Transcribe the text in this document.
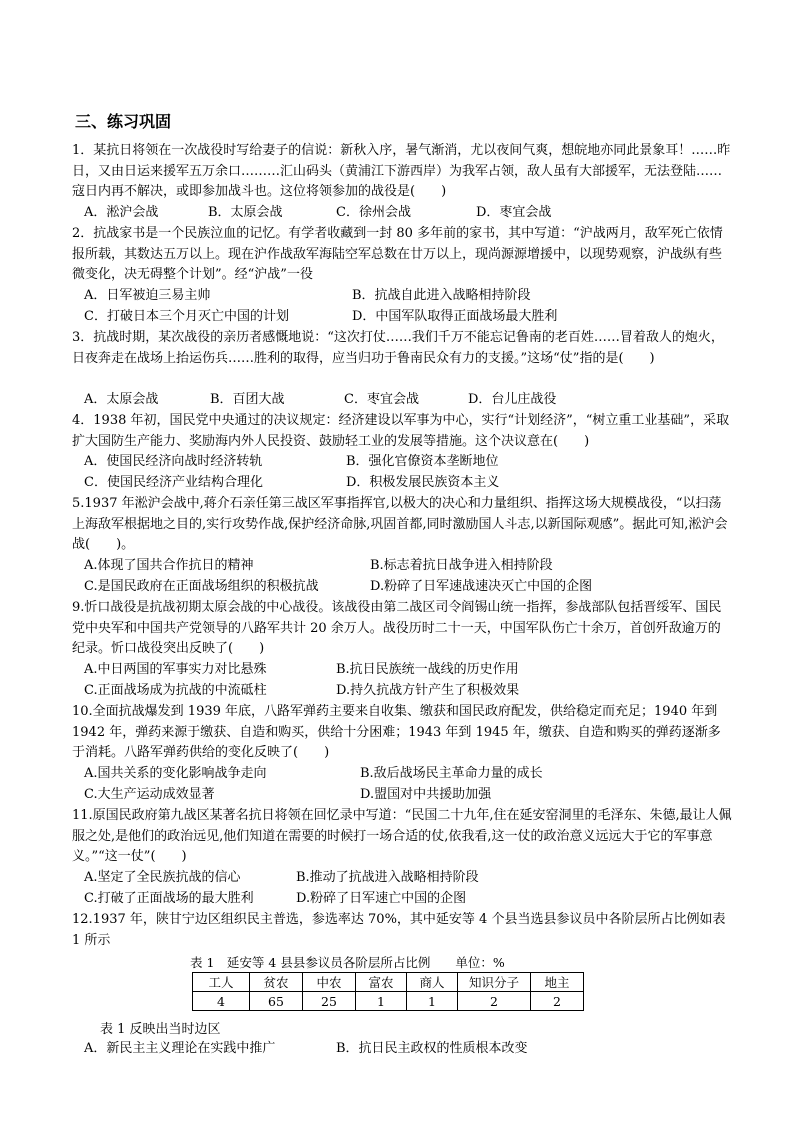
三、练习巩固

1．某抗日将领在一次战役时写给妻子的信说：新秋入序，暑气渐消，尤以夜间气爽，想皖地亦同此景象耳！……昨日，又由日运来援军五万余口………汇山码头（黄浦江下游西岸）为我军占领，敌人虽有大部援军，无法登陆……寇日内再不解决，或即参加战斗也。这位将领参加的战役是(　　)

A．淞沪会战	B．太原会战	C．徐州会战	D．枣宜会战

2．抗战家书是一个民族泣血的记忆。有学者收藏到一封 80 多年前的家书，其中写道：“沪战两月，敌军死亡依情报所载，其数达五万以上。现在沪作战敌军海陆空军总数在廿万以上，现尚源源增援中，以现势观察，沪战纵有些微变化，决无碍整个计划”。经“沪战”一役

A．日军被迫三易主帅	B．抗战自此进入战略相持阶段
C．打破日本三个月灭亡中国的计划	D．中国军队取得正面战场最大胜利

3．抗战时期，某次战役的亲历者感慨地说：“这次打仗……我们千万不能忘记鲁南的老百姓……冒着敌人的炮火，日夜奔走在战场上抬运伤兵……胜利的取得，应当归功于鲁南民众有力的支援。”这场“仗”指的是(　　)

A．太原会战	B．百团大战	C．枣宜会战	D．台儿庄战役

4．1938 年初，国民党中央通过的决议规定：经济建设以军事为中心，实行“计划经济”，“树立重工业基础”，采取扩大国防生产能力、奖励海内外人民投资、鼓励轻工业的发展等措施。这个决议意在(　　)

A．使国民经济向战时经济转轨	B．强化官僚资本垄断地位
C．使国民经济产业结构合理化	D．积极发展民族资本主义

5.1937 年淞沪会战中,蒋介石亲任第三战区军事指挥官,以极大的决心和力量组织、指挥这场大规模战役，“以扫荡上海敌军根据地之目的,实行攻势作战,保护经济命脉,巩固首都,同时激励国人斗志,以新国际观感”。据此可知,淞沪会战(　　)。

A.体现了国共合作抗日的精神	B.标志着抗日战争进入相持阶段
C.是国民政府在正面战场组织的积极抗战	D.粉碎了日军速战速决灭亡中国的企图

9.忻口战役是抗战初期太原会战的中心战役。该战役由第二战区司令阎锡山统一指挥，参战部队包括晋绥军、国民党中央军和中国共产党领导的八路军共计 20 余万人。战役历时二十一天，中国军队伤亡十余万，首创歼敌逾万的纪录。忻口战役突出反映了(　　)

A.中日两国的军事实力对比悬殊	B.抗日民族统一战线的历史作用
C.正面战场成为抗战的中流砥柱	D.持久抗战方针产生了积极效果

10.全面抗战爆发到 1939 年底，八路军弹药主要来自收集、缴获和国民政府配发，供给稳定而充足；1940 年到 1942 年，弹药来源于缴获、自造和购买，供给十分困难；1943 年到 1945 年，缴获、自造和购买的弹药逐渐多于消耗。八路军弹药供给的变化反映了(　　)

A.国共关系的变化影响战争走向	B.敌后战场民主革命力量的成长
C.大生产运动成效显著	D.盟国对中共援助加强

11.原国民政府第九战区某著名抗日将领在回忆录中写道：“民国二十九年,住在延安窑洞里的毛泽东、朱德,最让人佩服之处,是他们的政治远见,他们知道在需要的时候打一场合适的仗,依我看,这一仗的政治意义远远大于它的军事意义。”“这一仗”(　　)

A.坚定了全民族抗战的信心	B.推动了抗战进入战略相持阶段
C.打破了正面战场的最大胜利	D.粉碎了日军速亡中国的企图

12.1937 年，陕甘宁边区组织民主普选，参选率达 70%，其中延安等 4 个县当选县参议员中各阶层所占比例如表 1 所示

表 1　延安等 4 县县参议员各阶层所占比例　　单位：%
工人	贫农	中农	富农	商人	知识分子	地主
4	65	25	1	1	2	2
表 1 反映出当时边区
A．新民主主义理论在实践中推广	B．抗日民主政权的性质根本改变
